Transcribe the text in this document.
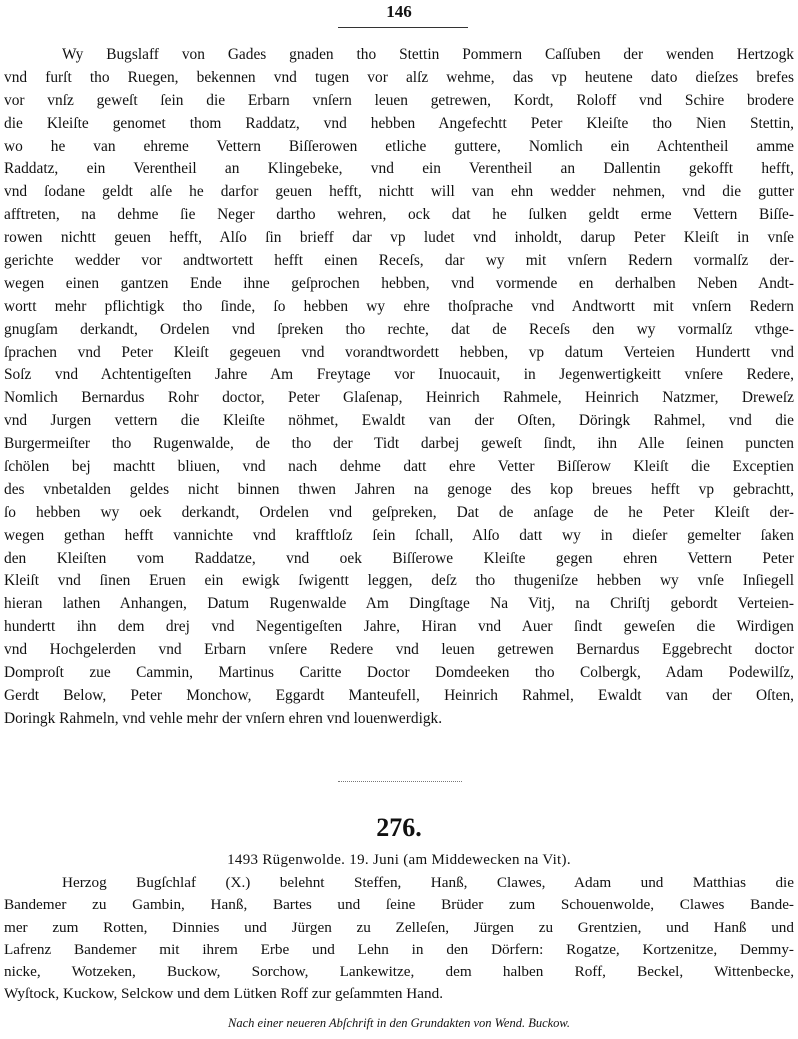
146
Wy Bugslaff von Gades gnaden tho Stettin Pommern Caſſuben der wenden Hertzogk
vnd furſt tho Ruegen, bekennen vnd tugen vor alſz wehme, das vp heutene dato dieſzes brefes
vor vnſz geweſt ſein die Erbarn vnſern leuen getrewen, Kordt, Roloff vnd Schire brodere
die Kleiſte genomet thom Raddatz, vnd hebben Angefechtt Peter Kleiſte tho Nien Stettin,
wo he van ehreme Vettern Biſſerowen etliche guttere, Nomlich ein Achtentheil amme
Raddatz, ein Verentheil an Klingebeke, vnd ein Verentheil an Dallentin gekofft hefft,
vnd ſodane geldt alſe he darfor geuen hefft, nichtt will van ehn wedder nehmen, vnd die gutter
afftreten, na dehme ſie Neger dartho wehren, ock dat he ſulken geldt erme Vettern Biſſe-
rowen nichtt geuen hefft, Alſo ſin brieff dar vp ludet vnd inholdt, darup Peter Kleiſt in vnſe
gerichte wedder vor andtwortett hefft einen Receſs, dar wy mit vnſern Redern vormalſz der-
wegen einen gantzen Ende ihne geſprochen hebben, vnd vormende en derhalben Neben Andt-
wortt mehr pflichtigk tho ſinde, ſo hebben wy ehre thoſprache vnd Andtwortt mit vnſern Redern
gnugſam derkandt, Ordelen vnd ſpreken tho rechte, dat de Receſs den wy vormalſz vthge-
ſprachen vnd Peter Kleiſt gegeuen vnd vorandtwordett hebben, vp datum Verteien Hundertt vnd
Soſz vnd Achtentigeſten Jahre Am Freytage vor Inuocauit, in Jegenwertigkeitt vnſere Redere,
Nomlich Bernardus Rohr doctor, Peter Glaſenap, Heinrich Rahmele, Heinrich Natzmer, Dreweſz
vnd Jurgen vettern die Kleiſte nöhmet, Ewaldt van der Oſten, Döringk Rahmel, vnd die
Burgermeiſter tho Rugenwalde, de tho der Tidt darbej geweſt ſindt, ihn Alle ſeinen puncten
ſchölen bej machtt bliuen, vnd nach dehme datt ehre Vetter Biſſerow Kleiſt die Exceptien
des vnbetalden geldes nicht binnen thwen Jahren na genoge des kop breues hefft vp gebrachtt,
ſo hebben wy oek derkandt, Ordelen vnd geſpreken, Dat de anſage de he Peter Kleiſt der-
wegen gethan hefft vannichte vnd krafftloſz ſein ſchall, Alſo datt wy in dieſer gemelter ſaken
den Kleiſten vom Raddatze, vnd oek Biſſerowe Kleiſte gegen ehren Vettern Peter
Kleiſt vnd ſinen Eruen ein ewigk ſwigentt leggen, deſz tho thugeniſze hebben wy vnſe Inſiegell
hieran lathen Anhangen, Datum Rugenwalde Am Dingſtage Na Vitj, na Chriſtj gebordt Verteien-
hundertt ihn dem drej vnd Negentigeſten Jahre, Hiran vnd Auer ſindt geweſen die Wirdigen
vnd Hochgelerden vnd Erbarn vnſere Redere vnd leuen getrewen Bernardus Eggebrecht doctor
Domproſt zue Cammin, Martinus Caritte Doctor Domdeeken tho Colbergk, Adam Podewilſz,
Gerdt Below, Peter Monchow, Eggardt Manteufell, Heinrich Rahmel, Ewaldt van der Oſten,
Doringk Rahmeln, vnd vehle mehr der vnſern ehren vnd louenwerdigk.
276.
1493 Rügenwolde. 19. Juni (am Middewecken na Vit).
Herzog Bugſchlaf (X.) belehnt Steffen, Hanß, Clawes, Adam und Matthias die
Bandemer zu Gambin, Hanß, Bartes und ſeine Brüder zum Schouenwolde, Clawes Bande-
mer zum Rotten, Dinnies und Jürgen zu Zelleſen, Jürgen zu Grentzien, und Hanß und
Lafrenz Bandemer mit ihrem Erbe und Lehn in den Dörfern: Rogatze, Kortzenitze, Demmy-
nicke, Wotzeken, Buckow, Sorchow, Lankewitze, dem halben Roff, Beckel, Wittenbecke,
Wyſtock, Kuckow, Selckow und dem Lütken Roff zur geſammten Hand.
Nach einer neueren Abſchrift in den Grundakten von Wend. Buckow.
